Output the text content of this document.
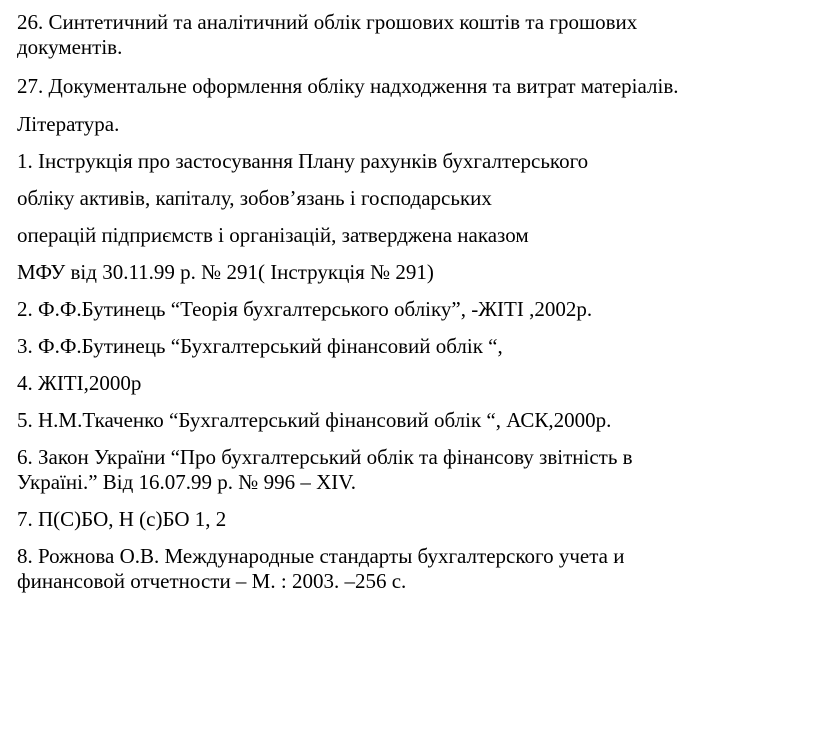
26. Синтетичний та аналітичний облік грошових коштів та грошових

документів.

27. Документальне оформлення обліку надходження та витрат матеріалів.

Література.

1. Інструкція про застосування Плану рахунків бухгалтерського

обліку активів, капіталу, зобов’язань і господарських

операцій підприємств і організацій, затверджена наказом

МФУ від 30.11.99 р. № 291( Інструкція № 291)

2. Ф.Ф.Бутинець “Теорія бухгалтерського обліку”, -ЖІТІ ,2002р.

3. Ф.Ф.Бутинець “Бухгалтерський фінансовий облік “,

4. ЖІТІ,2000р

5. Н.М.Ткаченко “Бухгалтерський фінансовий облік “, АСК,2000р.

6. Закон України “Про бухгалтерський облік та фінансову звітність в

Україні.” Від 16.07.99 р. № 996 – XIV.

7. П(С)БО, Н (с)БО 1, 2

8. Рожнова О.В. Международные стандарты бухгалтерского учета и

финансовой отчетности – М. : 2003. –256 с.
